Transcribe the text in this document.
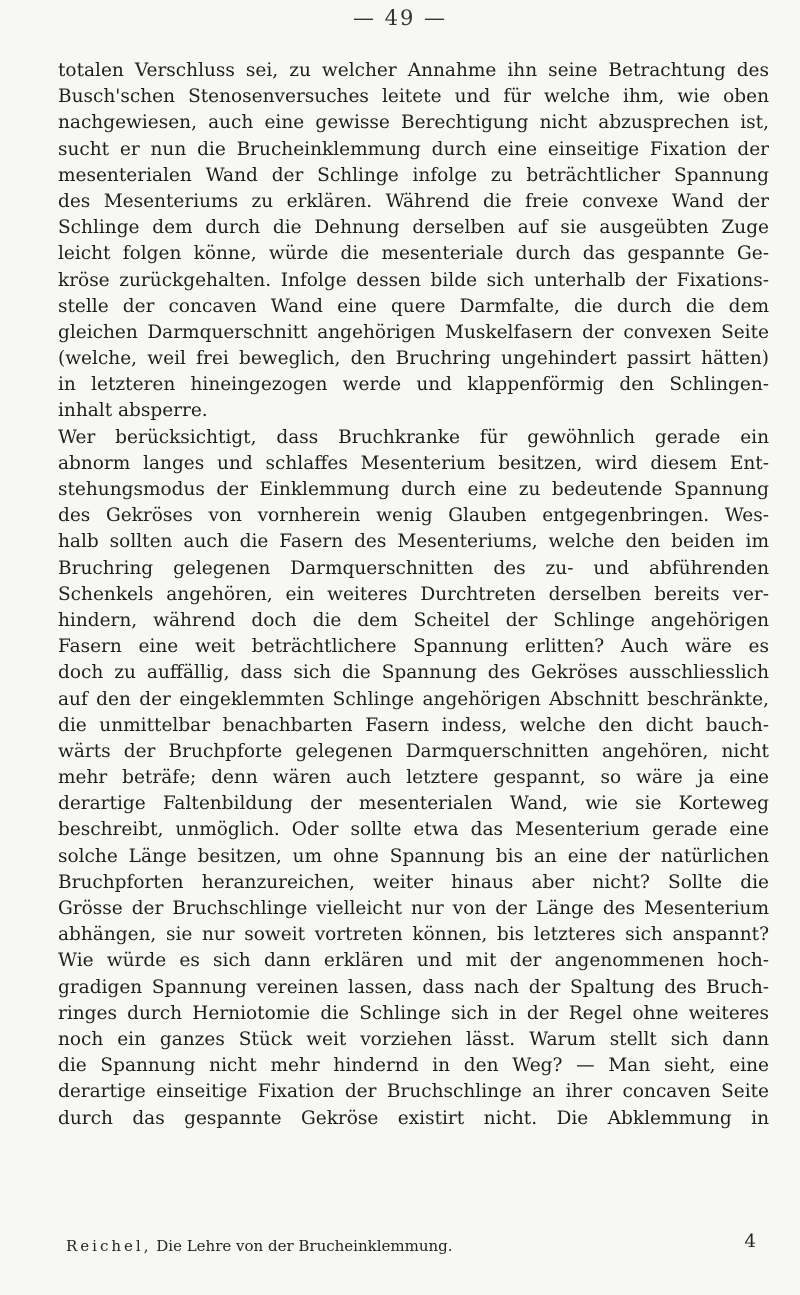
— 49 —
totalen Verschluss sei, zu welcher Annahme ihn seine Betrachtung des
Busch'schen Stenosenversuches leitete und für welche ihm, wie oben
nachgewiesen, auch eine gewisse Berechtigung nicht abzusprechen ist,
sucht er nun die Brucheinklemmung durch eine einseitige Fixation der
mesenterialen Wand der Schlinge infolge zu beträchtlicher Spannung
des Mesenteriums zu erklären. Während die freie convexe Wand der
Schlinge dem durch die Dehnung derselben auf sie ausgeübten Zuge
leicht folgen könne, würde die mesenteriale durch das gespannte Ge-
kröse zurückgehalten. Infolge dessen bilde sich unterhalb der Fixations-
stelle der concaven Wand eine quere Darmfalte, die durch die dem
gleichen Darmquerschnitt angehörigen Muskelfasern der convexen Seite
(welche, weil frei beweglich, den Bruchring ungehindert passirt hätten)
in letzteren hineingezogen werde und klappenförmig den Schlingen-
inhalt absperre.
Wer berücksichtigt, dass Bruchkranke für gewöhnlich gerade ein
abnorm langes und schlaffes Mesenterium besitzen, wird diesem Ent-
stehungsmodus der Einklemmung durch eine zu bedeutende Spannung
des Gekröses von vornherein wenig Glauben entgegenbringen. Wes-
halb sollten auch die Fasern des Mesenteriums, welche den beiden im
Bruchring gelegenen Darmquerschnitten des zu- und abführenden
Schenkels angehören, ein weiteres Durchtreten derselben bereits ver-
hindern, während doch die dem Scheitel der Schlinge angehörigen
Fasern eine weit beträchtlichere Spannung erlitten? Auch wäre es
doch zu auffällig, dass sich die Spannung des Gekröses ausschliesslich
auf den der eingeklemmten Schlinge angehörigen Abschnitt beschränkte,
die unmittelbar benachbarten Fasern indess, welche den dicht bauch-
wärts der Bruchpforte gelegenen Darmquerschnitten angehören, nicht
mehr beträfe; denn wären auch letztere gespannt, so wäre ja eine
derartige Faltenbildung der mesenterialen Wand, wie sie Korteweg
beschreibt, unmöglich. Oder sollte etwa das Mesenterium gerade eine
solche Länge besitzen, um ohne Spannung bis an eine der natürlichen
Bruchpforten heranzureichen, weiter hinaus aber nicht? Sollte die
Grösse der Bruchschlinge vielleicht nur von der Länge des Mesenterium
abhängen, sie nur soweit vortreten können, bis letzteres sich anspannt?
Wie würde es sich dann erklären und mit der angenommenen hoch-
gradigen Spannung vereinen lassen, dass nach der Spaltung des Bruch-
ringes durch Herniotomie die Schlinge sich in der Regel ohne weiteres
noch ein ganzes Stück weit vorziehen lässt. Warum stellt sich dann
die Spannung nicht mehr hindernd in den Weg? — Man sieht, eine
derartige einseitige Fixation der Bruchschlinge an ihrer concaven Seite
durch das gespannte Gekröse existirt nicht. Die Abklemmung in
Reichel, Die Lehre von der Brucheinklemmung.	4
